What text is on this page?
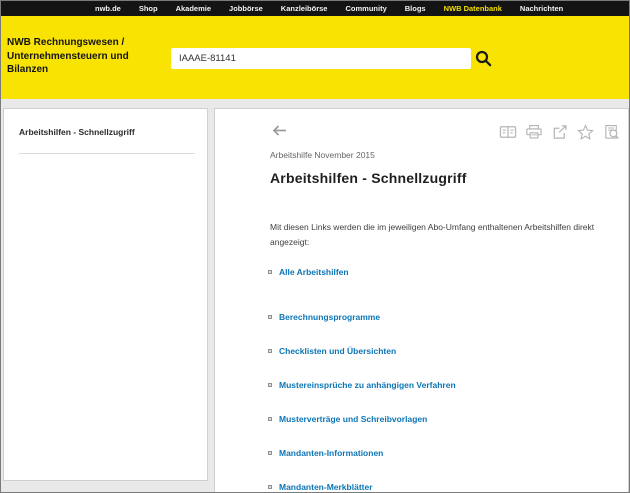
nwb.de Shop Akademie Jobbörse Kanzleibörse Community Blogs NWB Datenbank Nachrichten
NWB Rechnungswesen /
Unternehmensteuern und
Bilanzen
IAAAE-81141
Arbeitshilfen - Schnellzugriff
Arbeitshilfe November 2015
Arbeitshilfen - Schnellzugriff

Mit diesen Links werden die im jeweiligen Abo-Umfang enthaltenen Arbeitshilfen direkt angezeigt:

Alle Arbeitshilfen
Berechnungsprogramme
Checklisten und Übersichten
Mustereinsprüche zu anhängigen Verfahren
Musterverträge und Schreibvorlagen
Mandanten-Informationen
Mandanten-Merkblätter
